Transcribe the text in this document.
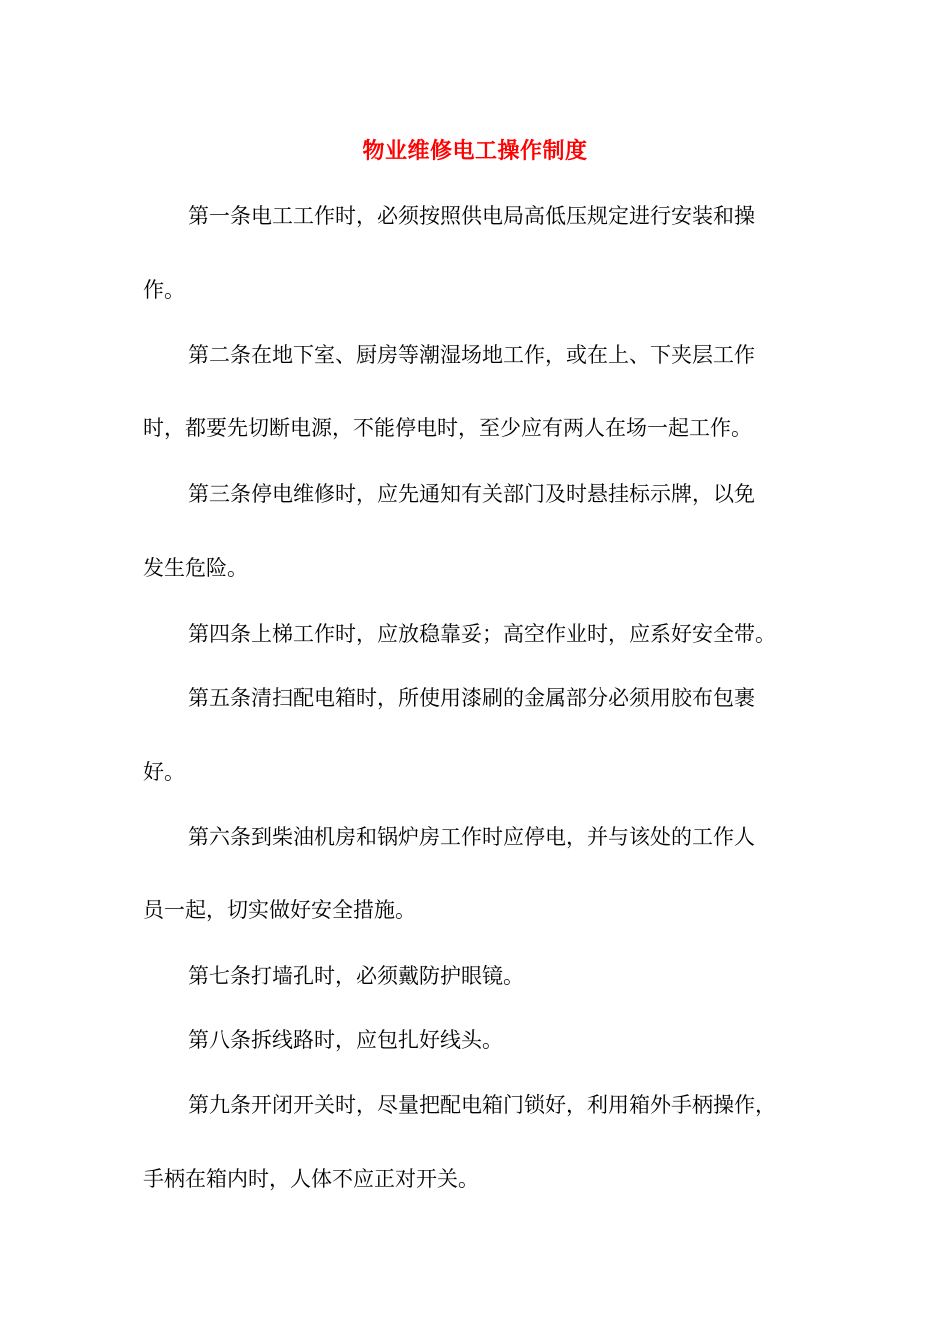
物业维修电工操作制度
第一条电工工作时，必须按照供电局高低压规定进行安装和操
作。
第二条在地下室、厨房等潮湿场地工作，或在上、下夹层工作
时，都要先切断电源，不能停电时，至少应有两人在场一起工作。
第三条停电维修时，应先通知有关部门及时悬挂标示牌，以免
发生危险。
第四条上梯工作时，应放稳靠妥；高空作业时，应系好安全带。
第五条清扫配电箱时，所使用漆刷的金属部分必须用胶布包裹
好。
第六条到柴油机房和锅炉房工作时应停电，并与该处的工作人
员一起，切实做好安全措施。
第七条打墙孔时，必须戴防护眼镜。
第八条拆线路时，应包扎好线头。
第九条开闭开关时，尽量把配电箱门锁好，利用箱外手柄操作，
手柄在箱内时，人体不应正对开关。
